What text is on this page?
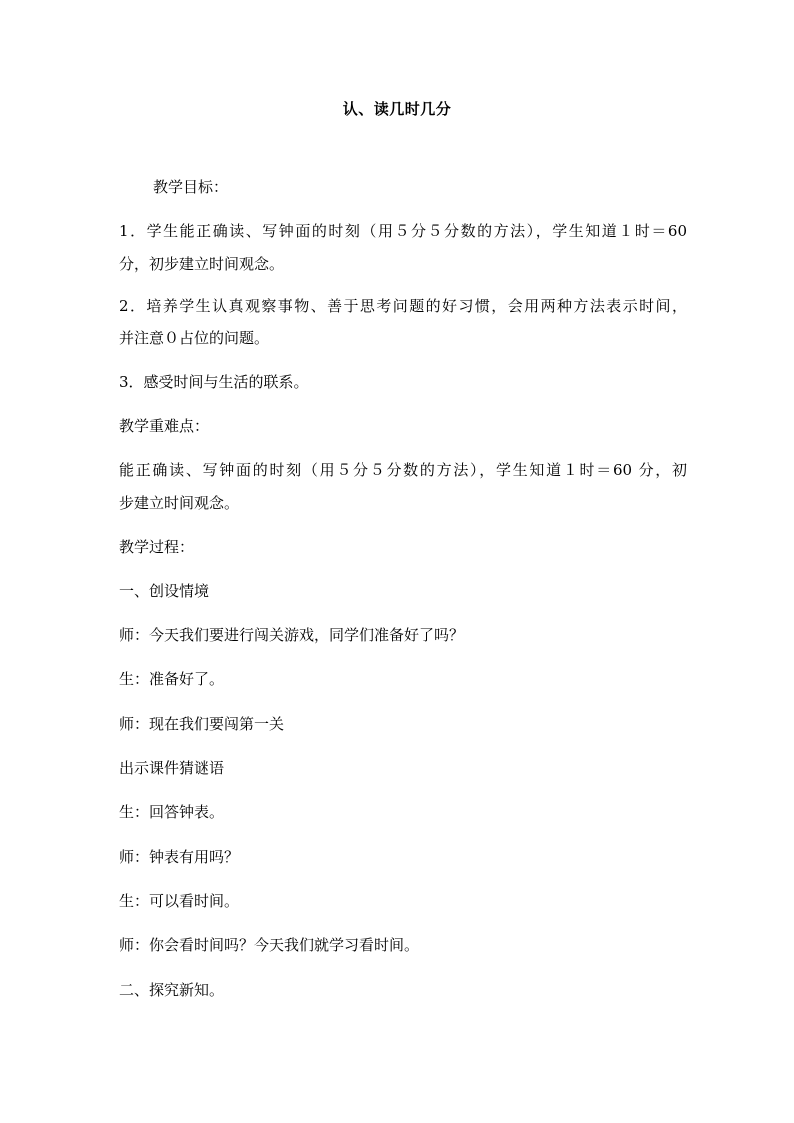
认、读几时几分
教学目标：
1．学生能正确读、写钟面的时刻（用５分５分数的方法），学生知道１时＝60
分，初步建立时间观念。
2．培养学生认真观察事物、善于思考问题的好习惯，会用两种方法表示时间，
并注意０占位的问题。
3．感受时间与生活的联系。
教学重难点：
能正确读、写钟面的时刻（用５分５分数的方法），学生知道１时＝60 分，初
步建立时间观念。
教学过程：
一、创设情境
师：今天我们要进行闯关游戏，同学们准备好了吗？
生：准备好了。
师：现在我们要闯第一关
出示课件猜谜语
生：回答钟表。
师：钟表有用吗？
生：可以看时间。
师：你会看时间吗？今天我们就学习看时间。
二、探究新知。
